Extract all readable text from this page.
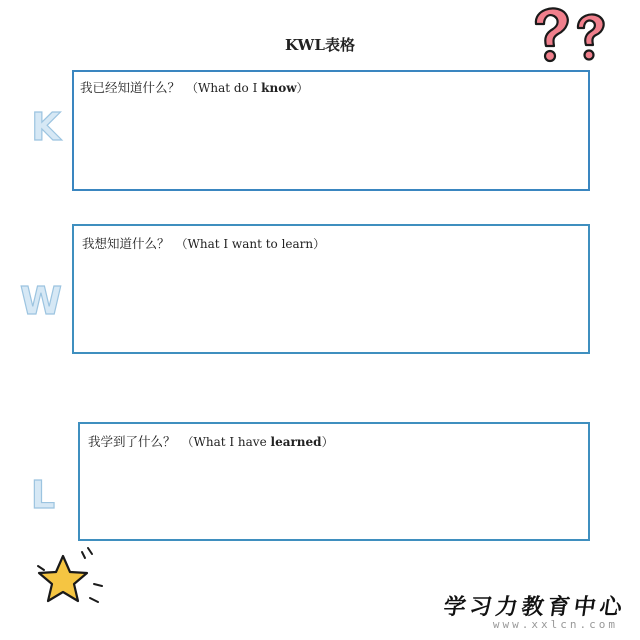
KWL表格
K
我已经知道什么？ （What do I know）
W
我想知道什么？ （What I want to learn）
L
我学到了什么？ （What I have learned）
学习力教育中心
www.xxlcn.com
